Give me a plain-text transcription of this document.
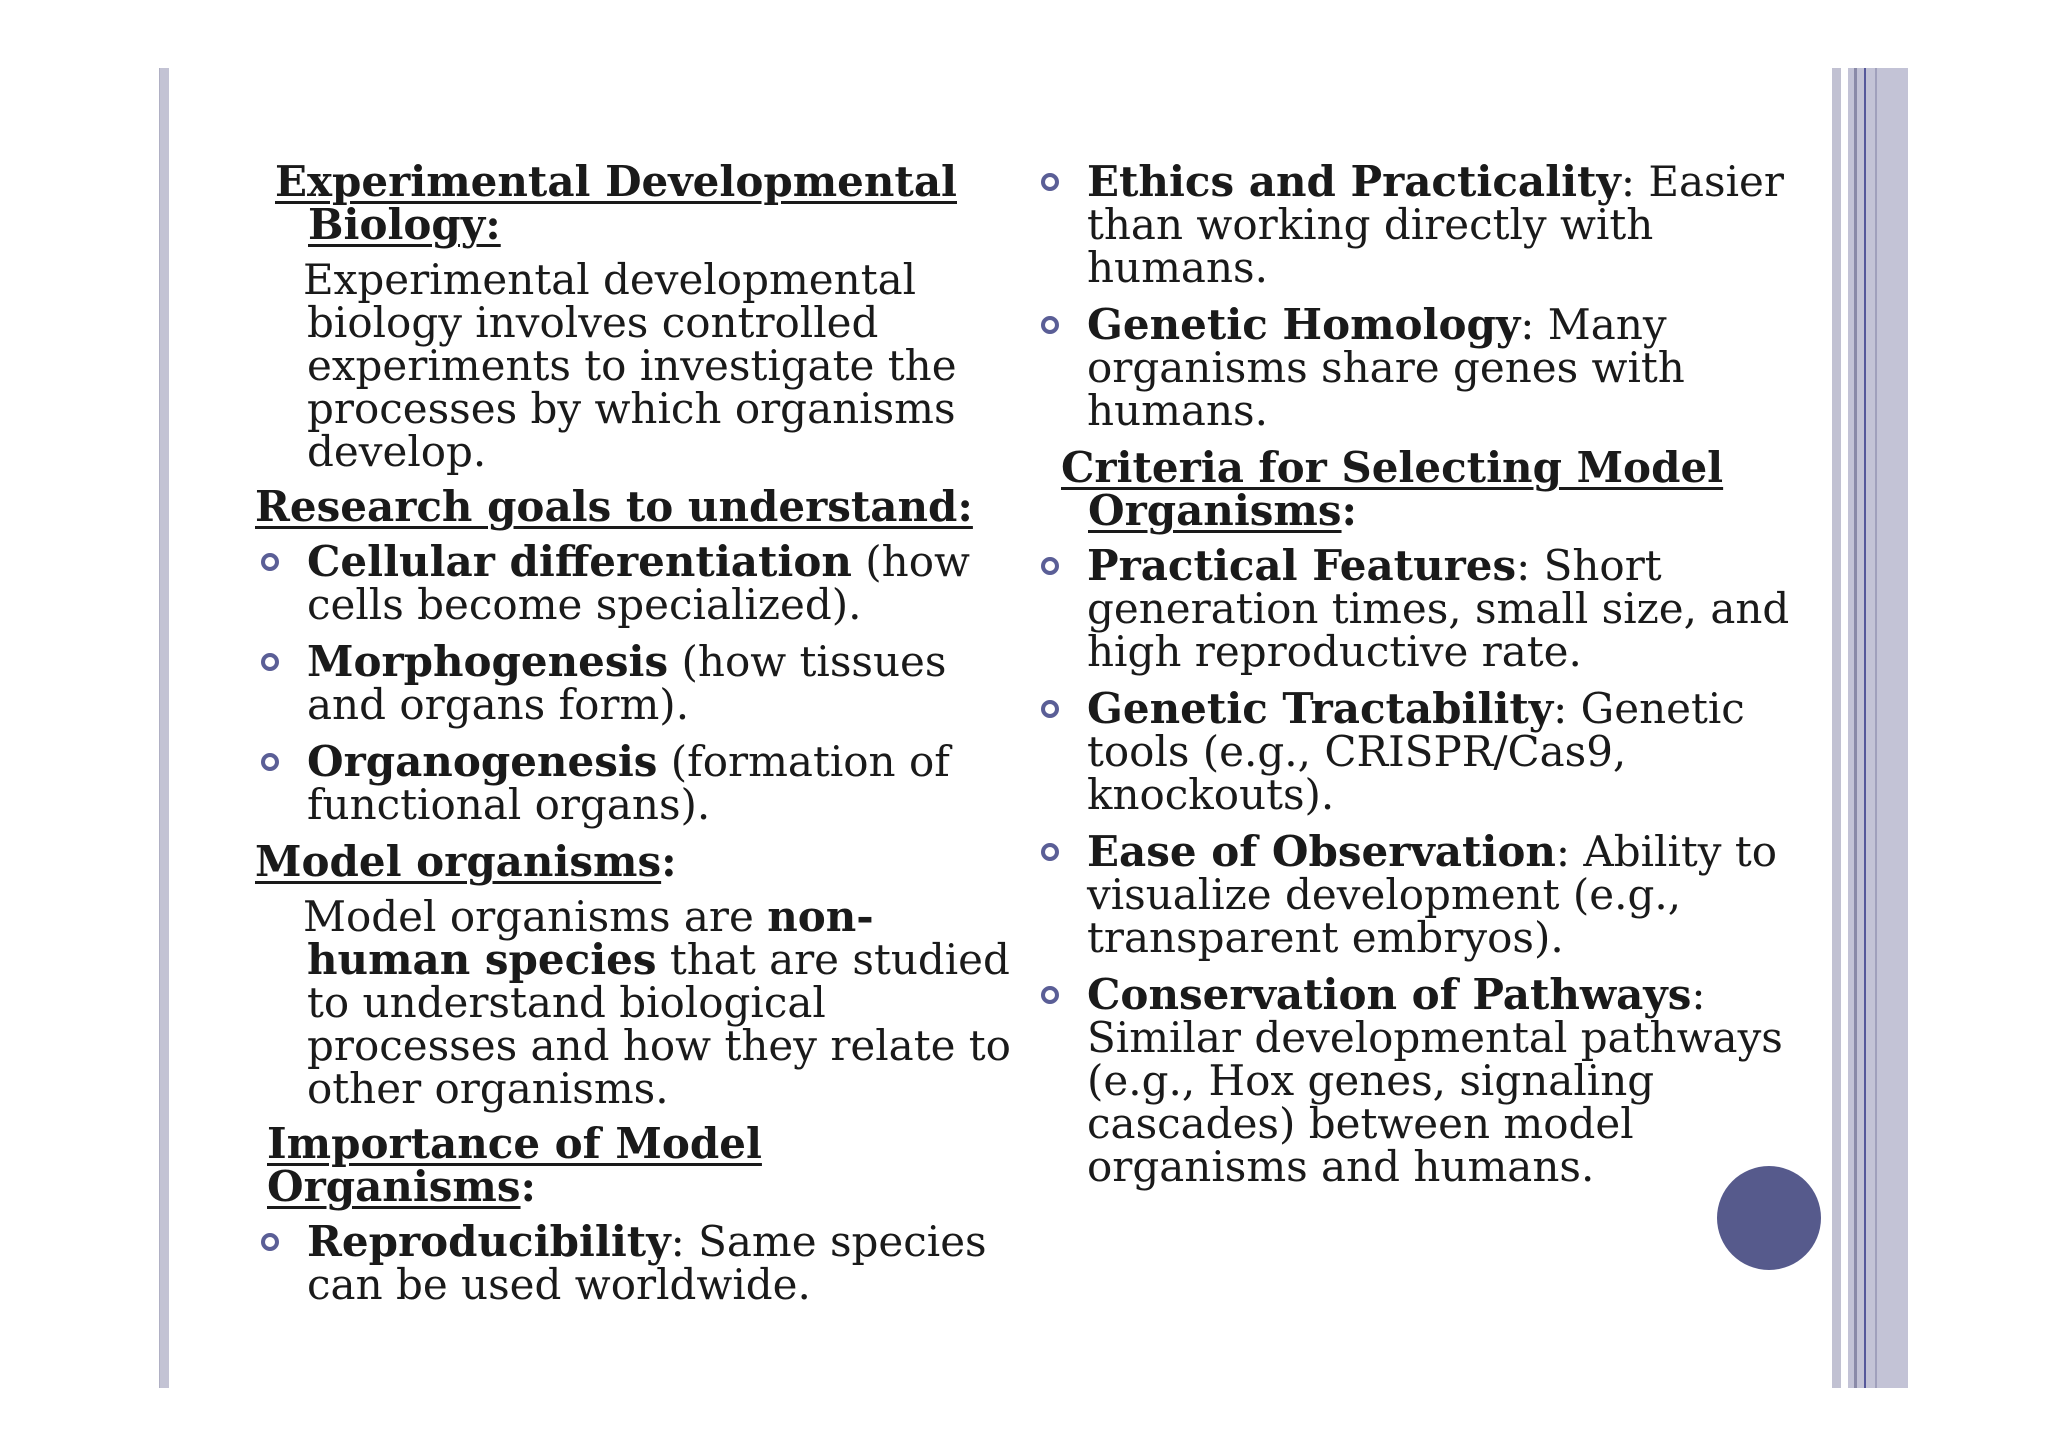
Experimental Developmental
Biology:
Experimental developmental biology involves controlled experiments to investigate the processes by which organisms develop.
Research goals to understand:
Cellular differentiation (how cells become specialized).
Morphogenesis (how tissues and organs form).
Organogenesis (formation of functional organs).
Model organisms:
Model organisms are non-human species that are studied to understand biological processes and how they relate to other organisms.
Importance of Model Organisms:
Reproducibility: Same species can be used worldwide.
Ethics and Practicality: Easier than working directly with humans.
Genetic Homology: Many organisms share genes with humans.
Criteria for Selecting Model
Organisms:
Practical Features: Short generation times, small size, and high reproductive rate.
Genetic Tractability: Genetic tools (e.g., CRISPR/Cas9, knockouts).
Ease of Observation: Ability to visualize development (e.g., transparent embryos).
Conservation of Pathways: Similar developmental pathways (e.g., Hox genes, signaling cascades) between model organisms and humans.
